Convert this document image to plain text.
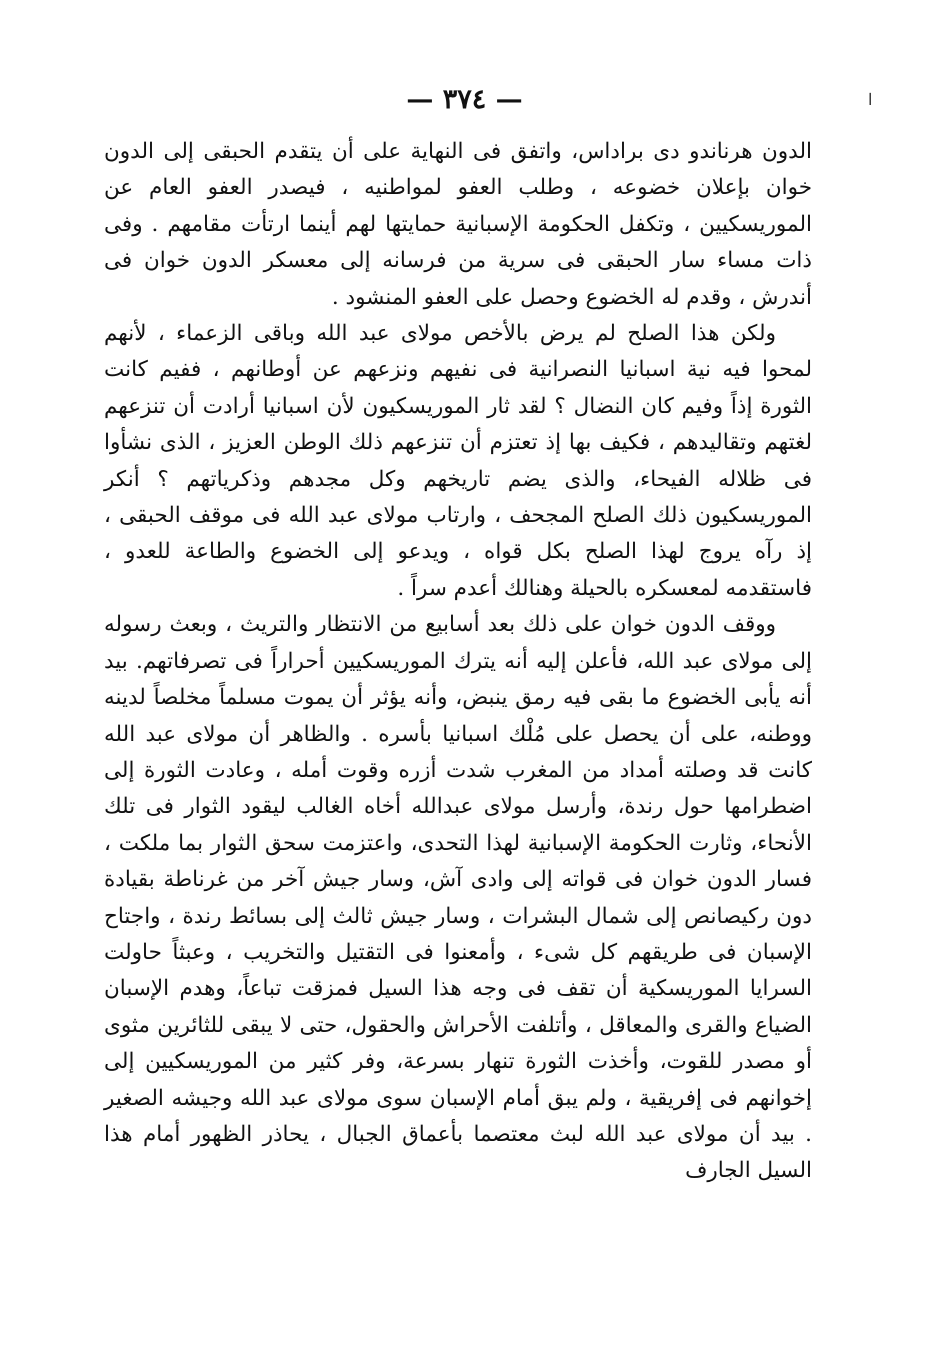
ا
— ٣٧٤ —

الدون هرناندو دى براداس، واتفق فى النهاية على أن يتقدم الحبقى إلى الدون خوان بإعلان خضوعه ، وطلب العفو لمواطنيه ، فيصدر العفو العام عن الموريسكيين ، وتكفل الحكومة الإسبانية حمايتها لهم أينما ارتأت مقامهم . وفى ذات مساء سار الحبقى فى سرية من فرسانه إلى معسكر الدون خوان فى أندرش ، وقدم له الخضوع وحصل على العفو المنشود .

ولكن هذا الصلح لم يرض بالأخص مولاى عبد الله وباقى الزعماء ، لأنهم لمحوا فيه نية اسبانيا النصرانية فى نفيهم ونزعهم عن أوطانهم ، ففيم كانت الثورة إذاً وفيم كان النضال ؟ لقد ثار الموريسكيون لأن اسبانيا أرادت أن تنزعهم لغتهم وتقاليدهم ، فكيف بها إذ تعتزم أن تنزعهم ذلك الوطن العزيز ، الذى نشأوا فى ظلاله الفيحاء، والذى يضم تاريخهم وكل مجدهم وذكرياتهم ؟ أنكر الموريسكيون ذلك الصلح المجحف ، وارتاب مولاى عبد الله فى موقف الحبقى ، إذ رآه يروج لهذا الصلح بكل قواه ، ويدعو إلى الخضوع والطاعة للعدو ، فاستقدمه لمعسكره بالحيلة وهنالك أعدم سراً .

ووقف الدون خوان على ذلك بعد أسابيع من الانتظار والتريث ، وبعث رسوله إلى مولاى عبد الله، فأعلن إليه أنه يترك الموريسكيين أحراراً فى تصرفاتهم. بيد أنه يأبى الخضوع ما بقى فيه رمق ينبض، وأنه يؤثر أن يموت مسلماً مخلصاً لدينه ووطنه، على أن يحصل على مُلْك اسبانيا بأسره . والظاهر أن مولاى عبد الله كانت قد وصلته أمداد من المغرب شدت أزره وقوت أمله ، وعادت الثورة إلى اضطرامها حول رندة، وأرسل مولاى عبدالله أخاه الغالب ليقود الثوار فى تلك الأنحاء، وثارت الحكومة الإسبانية لهذا التحدى، واعتزمت سحق الثوار بما ملكت ، فسار الدون خوان فى قواته إلى وادى آش، وسار جيش آخر من غرناطة بقيادة دون ركيصانص إلى شمال البشرات ، وسار جيش ثالث إلى بسائط رندة ، واجتاح الإسبان فى طريقهم كل شىء ، وأمعنوا فى التقتيل والتخريب ، وعبثاً حاولت السرايا الموريسكية أن تقف فى وجه هذا السيل فمزقت تباعاً، وهدم الإسبان الضياع والقرى والمعاقل ، وأتلفت الأحراش والحقول، حتى لا يبقى للثائرين مثوى أو مصدر للقوت، وأخذت الثورة تنهار بسرعة، وفر كثير من الموريسكيين إلى إخوانهم فى إفريقية ، ولم يبق أمام الإسبان سوى مولاى عبد الله وجيشه الصغير . بيد أن مولاى عبد الله لبث معتصما بأعماق الجبال ، يحاذر الظهور أمام هذا السيل الجارف
